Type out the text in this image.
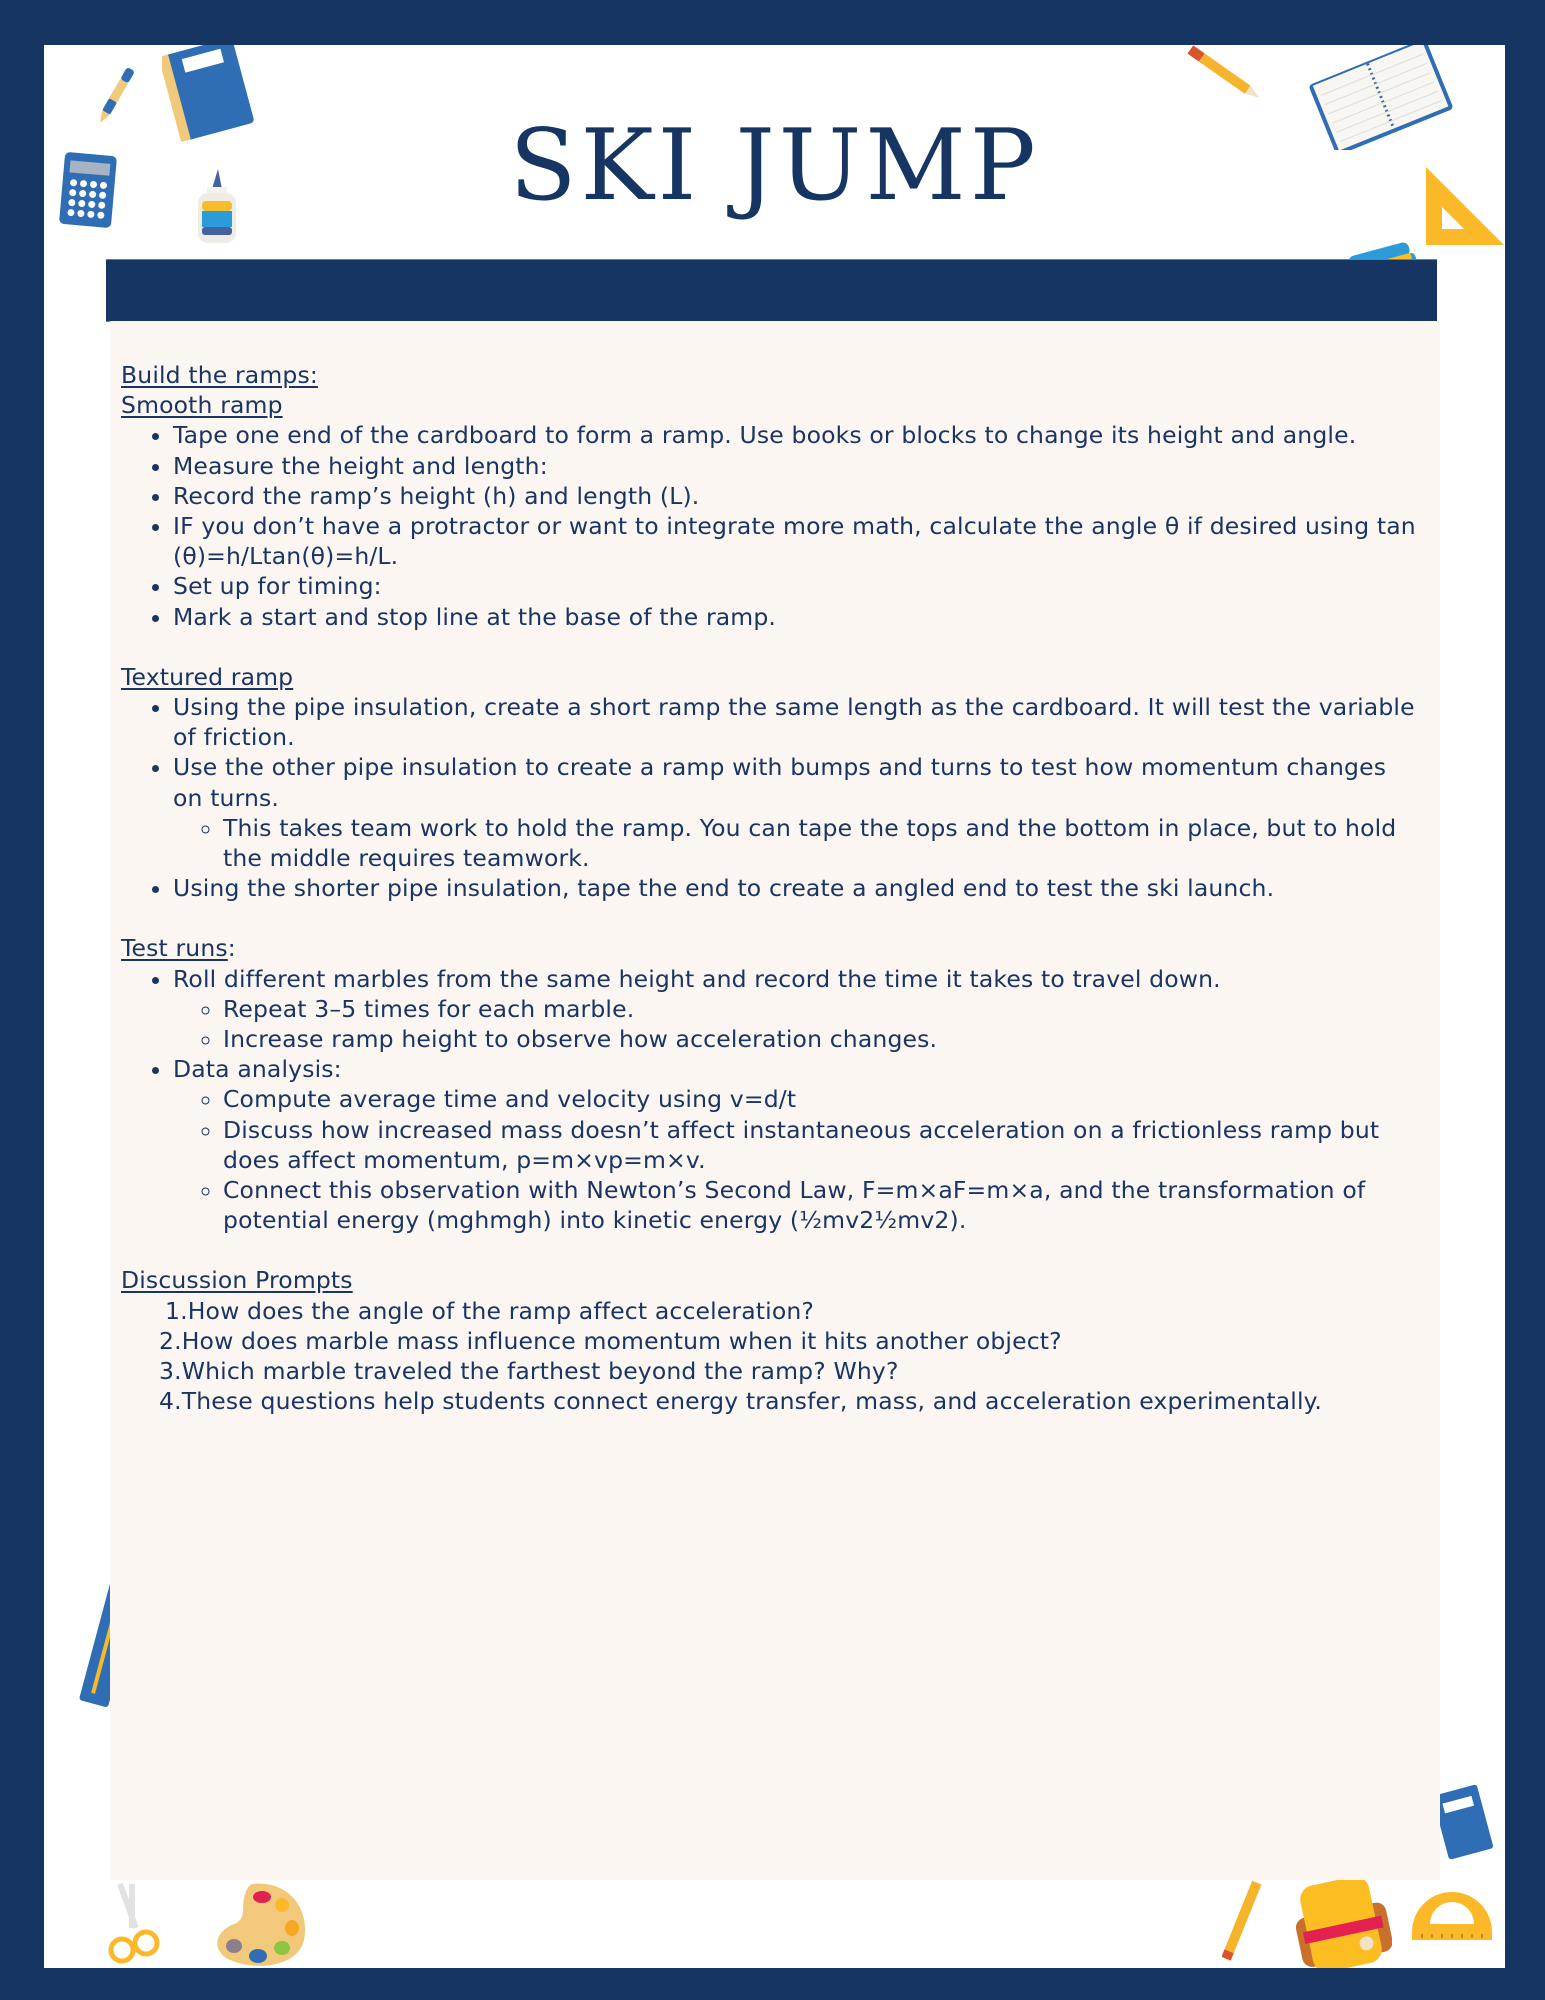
SKI JUMP
Build the ramps:
Smooth ramp
• Tape one end of the cardboard to form a ramp. Use books or blocks to change its height and angle.
• Measure the height and length:
• Record the ramp’s height (h) and length (L).
• IF you don’t have a protractor or want to integrate more math, calculate the angle θ if desired using tan (θ)=h/Ltan(θ)=h/L.
• Set up for timing:
• Mark a start and stop line at the base of the ramp.
Textured ramp
• Using the pipe insulation, create a short ramp the same length as the cardboard. It will test the variable of friction.
• Use the other pipe insulation to create a ramp with bumps and turns to test how momentum changes on turns.
◦ This takes team work to hold the ramp. You can tape the tops and the bottom in place, but to hold the middle requires teamwork.
• Using the shorter pipe insulation, tape the end to create a angled end to test the ski launch.
Test runs:
• Roll different marbles from the same height and record the time it takes to travel down.
◦ Repeat 3–5 times for each marble.
◦ Increase ramp height to observe how acceleration changes.
• Data analysis:
◦ Compute average time and velocity using v=d/t
◦ Discuss how increased mass doesn’t affect instantaneous acceleration on a frictionless ramp but does affect momentum, p=m×vp=m×v.
◦ Connect this observation with Newton’s Second Law, F=m×aF=m×a, and the transformation of potential energy (mghmgh) into kinetic energy (½mv2½mv2).
Discussion Prompts
1.How does the angle of the ramp affect acceleration?
2.How does marble mass influence momentum when it hits another object?
3.Which marble traveled the farthest beyond the ramp? Why?
4.These questions help students connect energy transfer, mass, and acceleration experimentally.
